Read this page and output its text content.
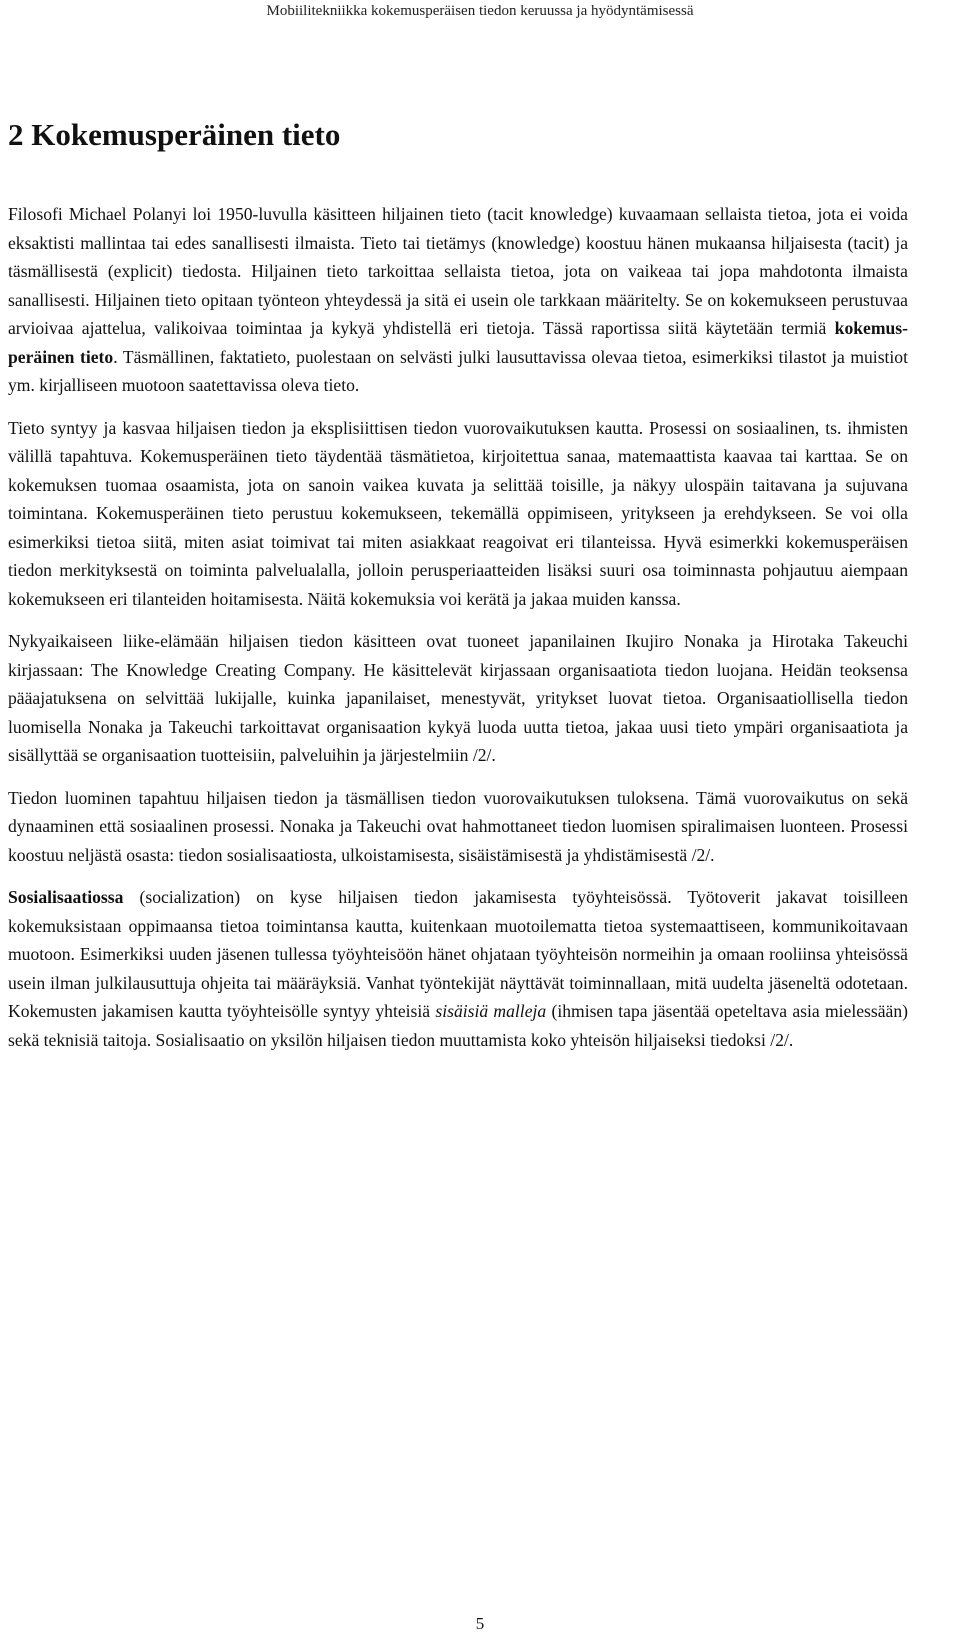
Mobiilitekniikka kokemusperäisen tiedon keruussa ja hyödyntämisessä
2 Kokemusperäinen tieto

Filosofi Michael Polanyi loi 1950-luvulla käsitteen hiljainen tieto (tacit knowledge) kuvaamaan sellaista tietoa, jota ei voida eksaktisti mallintaa tai edes sanallisesti ilmaista. Tieto tai tietämys (knowledge) koostuu hänen mukaansa hiljaisesta (tacit) ja täsmällisestä (explicit) tiedosta. Hiljainen tieto tarkoittaa sellaista tietoa, jota on vaikeaa tai jopa mahdotonta ilmaista sanallisesti. Hiljainen tieto opitaan työnteon yhteydessä ja sitä ei usein ole tarkkaan määritelty. Se on kokemukseen perustuvaa arvioivaa ajattelua, valikoivaa toimintaa ja kykyä yhdistellä eri tietoja. Tässä raportissa siitä käytetään termiä kokemusperäinen tieto. Täsmällinen, faktatieto, puolestaan on selvästi julki lausuttavissa olevaa tietoa, esimerkiksi tilastot ja muistiot ym. kirjalliseen muotoon saatettavissa oleva tieto.

Tieto syntyy ja kasvaa hiljaisen tiedon ja eksplisiittisen tiedon vuorovaikutuksen kautta. Prosessi on sosiaalinen, ts. ihmisten välillä tapahtuva. Kokemusperäinen tieto täydentää täsmätietoa, kirjoitettua sanaa, matemaattista kaavaa tai karttaa. Se on kokemuksen tuomaa osaamista, jota on sanoin vaikea kuvata ja selittää toisille, ja näkyy ulospäin taitavana ja sujuvana toimintana. Kokemusperäinen tieto perustuu kokemukseen, tekemällä oppimiseen, yritykseen ja erehdykseen. Se voi olla esimerkiksi tietoa siitä, miten asiat toimivat tai miten asiakkaat reagoivat eri tilanteissa. Hyvä esimerkki kokemusperäisen tiedon merkityksestä on toiminta palvelualalla, jolloin perusperiaatteiden lisäksi suuri osa toiminnasta pohjautuu aiempaan kokemukseen eri tilanteiden hoitamisesta. Näitä kokemuksia voi kerätä ja jakaa muiden kanssa.

Nykyaikaiseen liike-elämään hiljaisen tiedon käsitteen ovat tuoneet japanilainen Ikujiro Nonaka ja Hirotaka Takeuchi kirjassaan: The Knowledge Creating Company. He käsittelevät kirjassaan organisaatiota tiedon luojana. Heidän teoksensa pääajatuksena on selvittää lukijalle, kuinka japanilaiset, menestyvät, yritykset luovat tietoa. Organisaatiollisella tiedon luomisella Nonaka ja Takeuchi tarkoittavat organisaation kykyä luoda uutta tietoa, jakaa uusi tieto ympäri organisaatiota ja sisällyttää se organisaation tuotteisiin, palveluihin ja järjestelmiin /2/.

Tiedon luominen tapahtuu hiljaisen tiedon ja täsmällisen tiedon vuorovaikutuksen tuloksena. Tämä vuorovaikutus on sekä dynaaminen että sosiaalinen prosessi. Nonaka ja Takeuchi ovat hahmottaneet tiedon luomisen spiralimaisen luonteen. Prosessi koostuu neljästä osasta: tiedon sosialisaatiosta, ulkoistamisesta, sisäistämisestä ja yhdistämisestä /2/.

Sosialisaatiossa (socialization) on kyse hiljaisen tiedon jakamisesta työyhteisössä. Työtoverit jakavat toisilleen kokemuksistaan oppimaansa tietoa toimintansa kautta, kuitenkaan muotoilematta tietoa systemaattiseen, kommunikoitavaan muotoon. Esimerkiksi uuden jäsenen tullessa työyhteisöön hänet ohjataan työyhteisön normeihin ja omaan rooliinsa yhteisössä usein ilman julkilausuttuja ohjeita tai määräyksiä. Vanhat työntekijät näyttävät toiminnallaan, mitä uudelta jäseneltä odotetaan. Kokemusten jakamisen kautta työyhteisölle syntyy yhteisiä sisäisiä malleja (ihmisen tapa jäsentää opeteltava asia mielessään) sekä teknisiä taitoja. Sosialisaatio on yksilön hiljaisen tiedon muuttamista koko yhteisön hiljaiseksi tiedoksi /2/.

5
